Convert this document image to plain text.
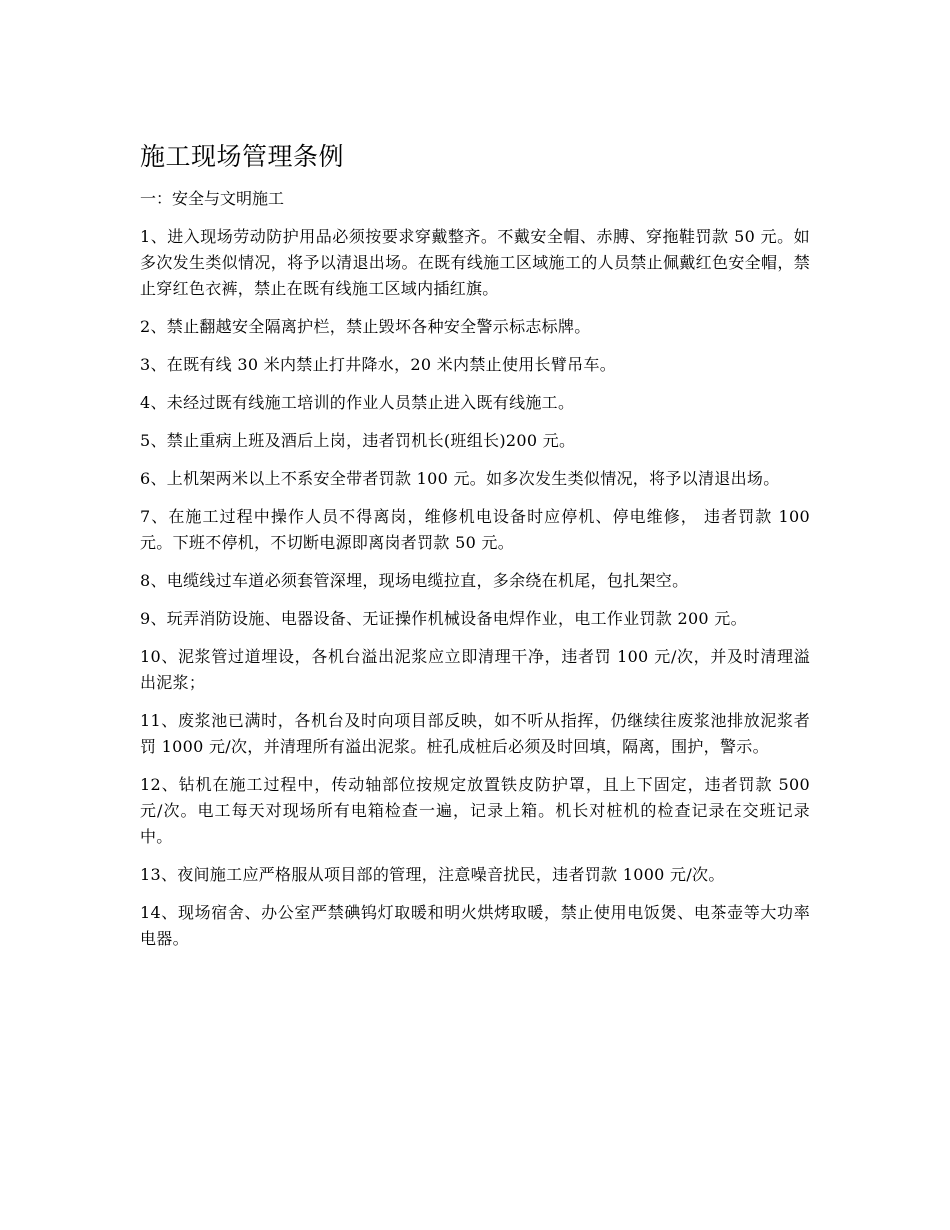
施工现场管理条例

一：安全与文明施工

1、进入现场劳动防护用品必须按要求穿戴整齐。不戴安全帽、赤膊、穿拖鞋罚款 50 元。如多次发生类似情况，将予以清退出场。在既有线施工区域施工的人员禁止佩戴红色安全帽，禁止穿红色衣裤，禁止在既有线施工区域内插红旗。

2、禁止翻越安全隔离护栏，禁止毁坏各种安全警示标志标牌。

3、在既有线 30 米内禁止打井降水，20 米内禁止使用长臂吊车。

4、未经过既有线施工培训的作业人员禁止进入既有线施工。

5、禁止重病上班及酒后上岗，违者罚机长(班组长)200 元。

6、上机架两米以上不系安全带者罚款 100 元。如多次发生类似情况，将予以清退出场。

7、在施工过程中操作人员不得离岗，维修机电设备时应停机、停电维修， 违者罚款 100 元。下班不停机，不切断电源即离岗者罚款 50 元。

8、电缆线过车道必须套管深埋，现场电缆拉直，多余绕在机尾，包扎架空。

9、玩弄消防设施、电器设备、无证操作机械设备电焊作业，电工作业罚款 200 元。

10、泥浆管过道埋设，各机台溢出泥浆应立即清理干净，违者罚 100 元/次，并及时清理溢出泥浆；

11、废浆池已满时，各机台及时向项目部反映，如不听从指挥，仍继续往废浆池排放泥浆者罚 1000 元/次，并清理所有溢出泥浆。桩孔成桩后必须及时回填，隔离，围护，警示。

12、钻机在施工过程中，传动轴部位按规定放置铁皮防护罩，且上下固定，违者罚款 500 元/次。电工每天对现场所有电箱检查一遍，记录上箱。机长对桩机的检查记录在交班记录中。

13、夜间施工应严格服从项目部的管理，注意噪音扰民，违者罚款 1000 元/次。

14、现场宿舍、办公室严禁碘钨灯取暖和明火烘烤取暖，禁止使用电饭煲、电茶壶等大功率电器。
